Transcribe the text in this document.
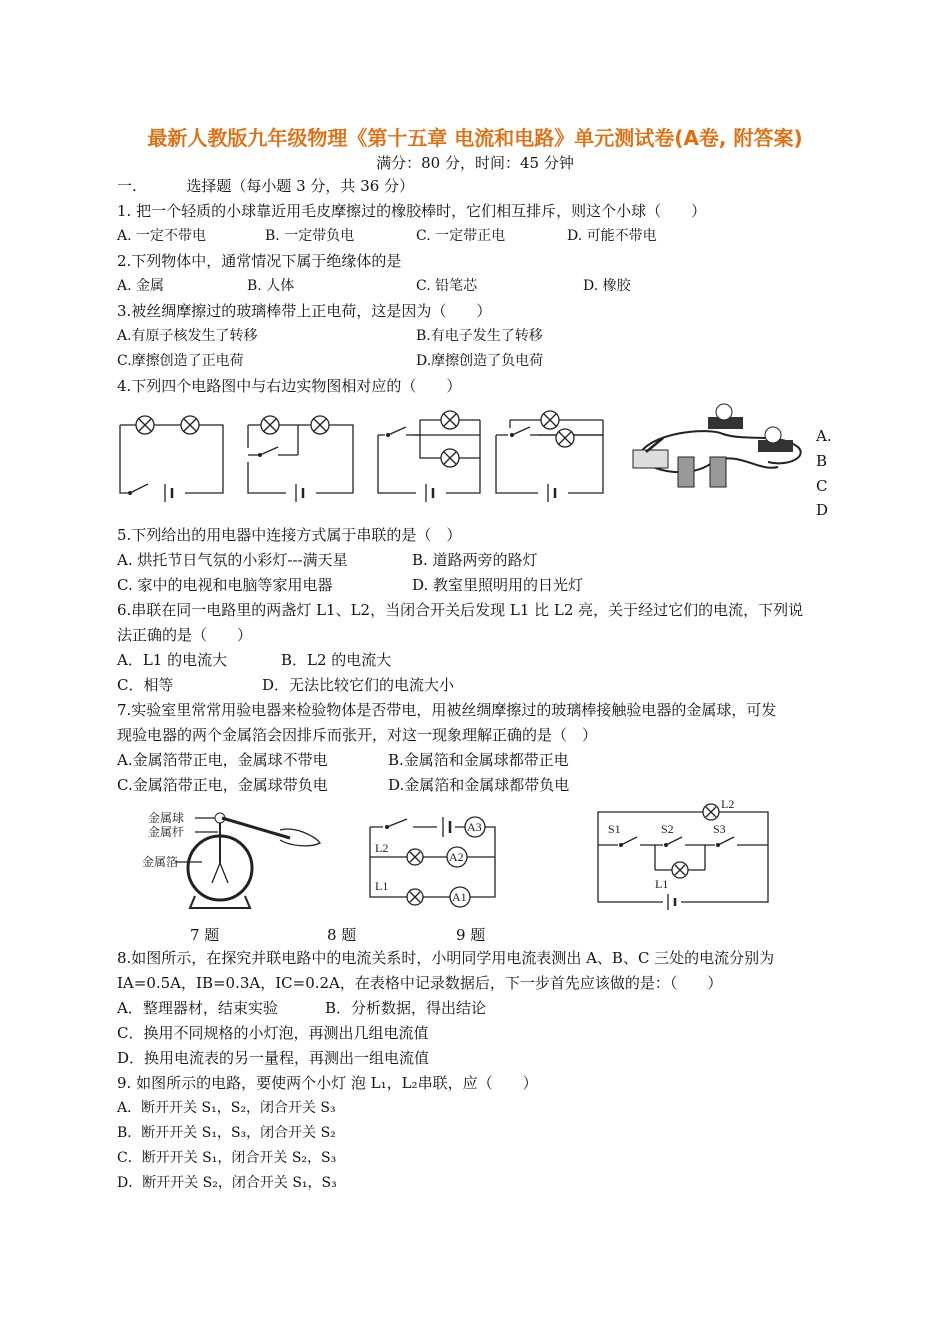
最新人教版九年级物理《第十五章 电流和电路》单元测试卷(A卷, 附答案)
满分：80 分，时间：45 分钟
一.	选择题（每小题 3 分，共 36 分）
1. 把一个轻质的小球靠近用毛皮摩擦过的橡胶棒时，它们相互排斥，则这个小球（　　）
A. 一定不带电	B. 一定带负电	C. 一定带正电	D. 可能不带电
2.下列物体中，通常情况下属于绝缘体的是
A. 金属	B. 人体	C. 铅笔芯	D. 橡胶
3.被丝绸摩擦过的玻璃棒带上正电荷，这是因为（　　）
A.有原子核发生了转移	B.有电子发生了转移
C.摩擦创造了正电荷	D.摩擦创造了负电荷
4.下列四个电路图中与右边实物图相对应的（　　）
A.
B
C
D
5.下列给出的用电器中连接方式属于串联的是（　）
A. 烘托节日气氛的小彩灯---满天星	B. 道路两旁的路灯
C. 家中的电视和电脑等家用电器	D. 教室里照明用的日光灯
6.串联在同一电路里的两盏灯 L1、L2，当闭合开关后发现 L1 比 L2 亮，关于经过它们的电流，下列说
法正确的是（　　）
A．L1 的电流大	B．L2 的电流大
C．相等	D．无法比较它们的电流大小
7.实验室里常常用验电器来检验物体是否带电，用被丝绸摩擦过的玻璃棒接触验电器的金属球，可发
现验电器的两个金属箔会因排斥而张开，对这一现象理解正确的是（　）
A.金属箔带正电，金属球不带电	B.金属箔和金属球都带正电
C.金属箔带正电，金属球带负电	D.金属箔和金属球都带负电
金属球
金属杆
金属箔
A3
L2
A2
L1
A1
L2
S1	S2	S3
L1
7 题	8 题	9 题
8.如图所示，在探究并联电路中的电流关系时，小明同学用电流表测出 A、B、C 三处的电流分别为
IA=0.5A，IB=0.3A，IC=0.2A，在表格中记录数据后，下一步首先应该做的是：（　　）
A．整理器材，结束实验	B．分析数据，得出结论
C．换用不同规格的小灯泡，再测出几组电流值
D．换用电流表的另一量程，再测出一组电流值
9. 如图所示的电路，要使两个小灯 泡 L₁，L₂串联，应（　　）
A．断开开关 S₁，S₂，闭合开关 S₃
B．断开开关 S₁，S₃，闭合开关 S₂
C．断开开关 S₁，闭合开关 S₂，S₃
D．断开开关 S₂，闭合开关 S₁，S₃
